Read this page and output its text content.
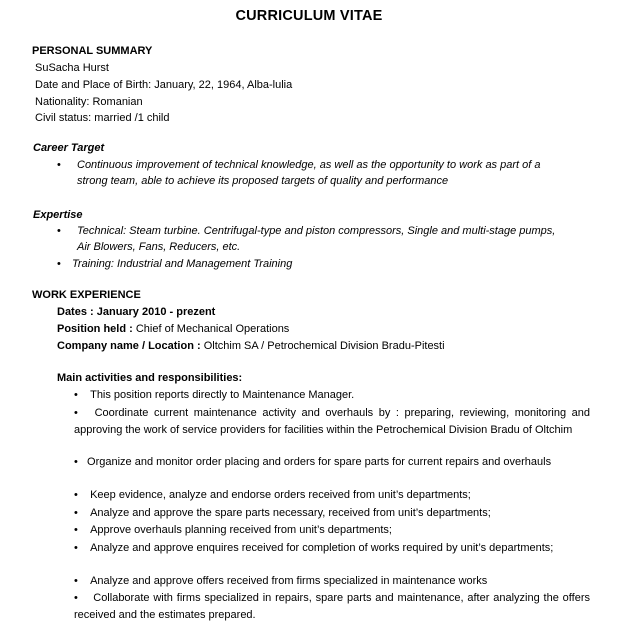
CURRICULUM VITAE
PERSONAL SUMMARY
SuSacha Hurst
Date and Place of Birth: January, 22, 1964, Alba-lulia
Nationality: Romanian
Civil status: married /1 child
Career Target
• Continuous improvement of technical knowledge, as well as the opportunity to work as part of a
strong team, able to achieve its proposed targets of quality and performance
Expertise
• Technical: Steam turbine. Centrifugal-type and piston compressors, Single and multi-stage pumps,
Air Blowers, Fans, Reducers, etc.
• Training: Industrial and Management Training
WORK EXPERIENCE
Dates : January 2010 - prezent
Position held : Chief of Mechanical Operations
Company name / Location : Oltchim SA / Petrochemical Division Bradu-Pitesti
Main activities and responsibilities:
• This position reports directly to Maintenance Manager.
• Coordinate current maintenance activity and overhauls by : preparing, reviewing, monitoring and approving the work of service providers for facilities within the Petrochemical Division Bradu of Oltchim
• Organize and monitor order placing and orders for spare parts for current repairs and overhauls
• Keep evidence, analyze and endorse orders received from unit’s departments;
• Analyze and approve the spare parts necessary, received from unit’s departments;
• Approve overhauls planning received from unit’s departments;
• Analyze and approve enquires received for completion of works required by unit’s departments;
• Analyze and approve offers received from firms specialized in maintenance works
• Collaborate with firms specialized in repairs, spare parts and maintenance, after analyzing the offers received and the estimates prepared.
